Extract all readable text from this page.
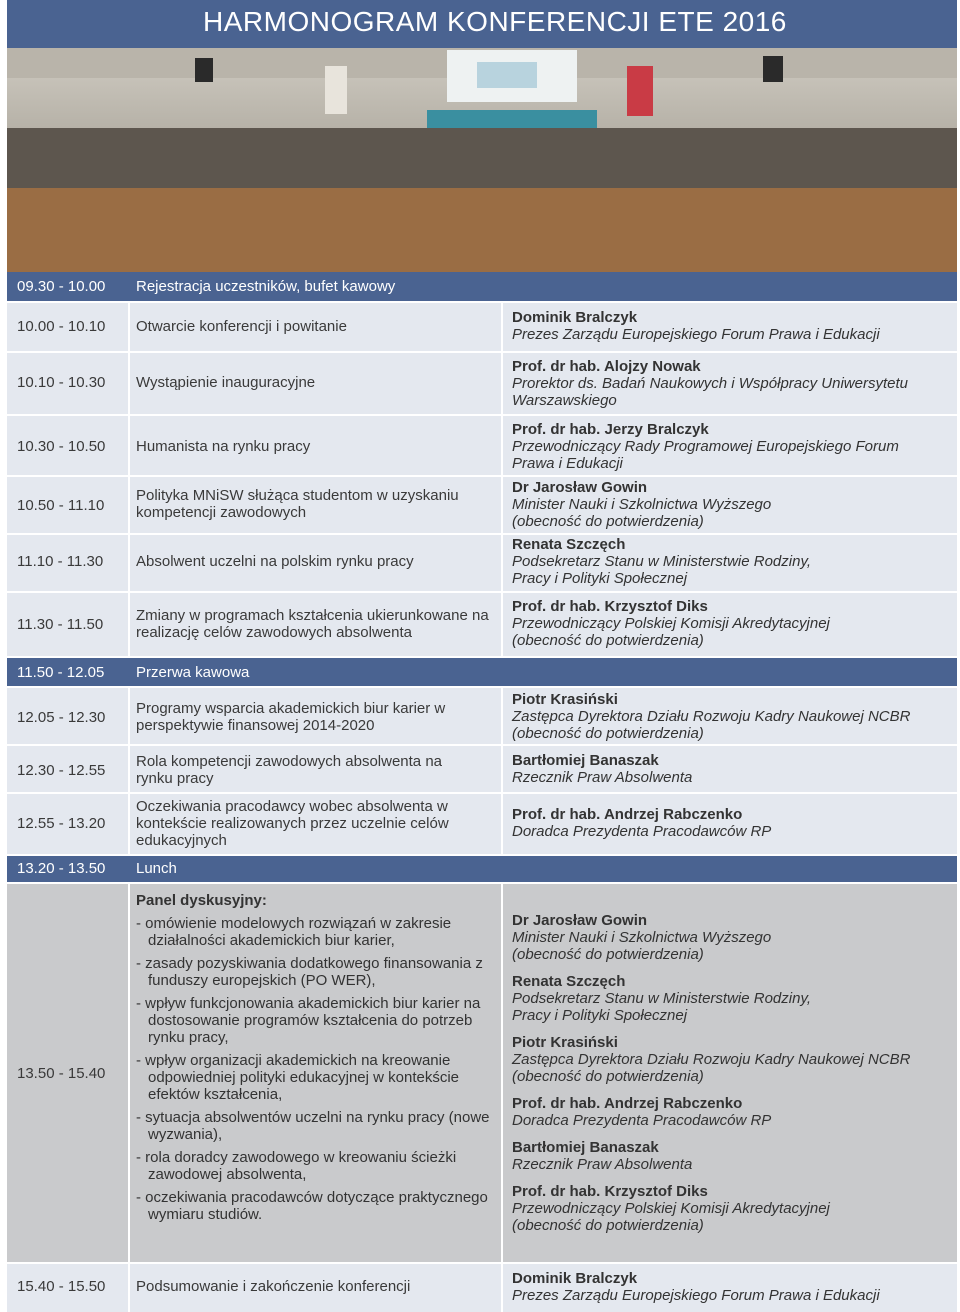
HARMONOGRAM KONFERENCJI ETE 2016
09.30 - 10.00 Rejestracja uczestników, bufet kawowy
10.00 - 10.10 Otwarcie konferencji i powitanie
Dominik Bralczyk
Prezes Zarządu Europejskiego Forum Prawa i Edukacji
10.10 - 10.30 Wystąpienie inauguracyjne
Prof. dr hab. Alojzy Nowak
Prorektor ds. Badań Naukowych i Współpracy Uniwersytetu
Warszawskiego
10.30 - 10.50 Humanista na rynku pracy
Prof. dr hab. Jerzy Bralczyk
Przewodniczący Rady Programowej Europejskiego Forum
Prawa i Edukacji
10.50 - 11.10
Polityka MNiSW służąca studentom w uzyskaniu
kompetencji zawodowych
Dr Jarosław Gowin
Minister Nauki i Szkolnictwa Wyższego
(obecność do potwierdzenia)
11.10 - 11.30 Absolwent uczelni na polskim rynku pracy
Renata Szczęch
Podsekretarz Stanu w Ministerstwie Rodziny,
Pracy i Polityki Społecznej
11.30 - 11.50
Zmiany w programach kształcenia ukierunkowane na
realizację celów zawodowych absolwenta
Prof. dr hab. Krzysztof Diks
Przewodniczący Polskiej Komisji Akredytacyjnej
(obecność do potwierdzenia)
11.50 - 12.05 Przerwa kawowa
12.05 - 12.30
Programy wsparcia akademickich biur karier w
perspektywie finansowej 2014-2020
Piotr Krasiński
Zastępca Dyrektora Działu Rozwoju Kadry Naukowej NCBR
(obecność do potwierdzenia)
12.30 - 12.55
Rola kompetencji zawodowych absolwenta na
rynku pracy
Bartłomiej Banaszak
Rzecznik Praw Absolwenta
12.55 - 13.20
Oczekiwania pracodawcy wobec absolwenta w
kontekście realizowanych przez uczelnie celów
edukacyjnych
Prof. dr hab. Andrzej Rabczenko
Doradca Prezydenta Pracodawców RP
13.20 - 13.50 Lunch
13.50 - 15.40
Panel dyskusyjny:
- omówienie modelowych rozwiązań w zakresie działalności akademickich biur karier,
- zasady pozyskiwania dodatkowego finansowania z funduszy europejskich (PO WER),
- wpływ funkcjonowania akademickich biur karier na dostosowanie programów kształcenia do potrzeb rynku pracy,
- wpływ organizacji akademickich na kreowanie odpowiedniej polityki edukacyjnej w kontekście efektów kształcenia,
- sytuacja absolwentów uczelni na rynku pracy (nowe wyzwania),
- rola doradcy zawodowego w kreowaniu ścieżki zawodowej absolwenta,
- oczekiwania pracodawców dotyczące praktycznego wymiaru studiów.
Dr Jarosław Gowin
Minister Nauki i Szkolnictwa Wyższego
(obecność do potwierdzenia)
Renata Szczęch
Podsekretarz Stanu w Ministerstwie Rodziny,
Pracy i Polityki Społecznej
Piotr Krasiński
Zastępca Dyrektora Działu Rozwoju Kadry Naukowej NCBR
(obecność do potwierdzenia)
Prof. dr hab. Andrzej Rabczenko
Doradca Prezydenta Pracodawców RP
Bartłomiej Banaszak
Rzecznik Praw Absolwenta
Prof. dr hab. Krzysztof Diks
Przewodniczący Polskiej Komisji Akredytacyjnej
(obecność do potwierdzenia)
15.40 - 15.50 Podsumowanie i zakończenie konferencji	Dominik Bralczyk
Prezes Zarządu Europejskiego Forum Prawa i Edukacji
